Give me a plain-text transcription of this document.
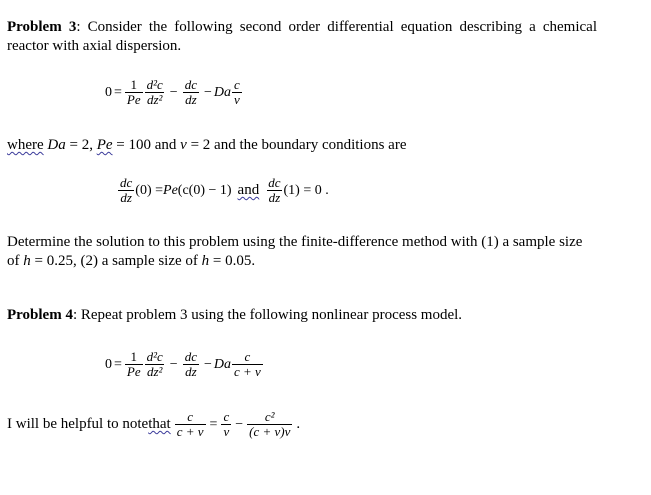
Problem 3: Consider the following second order differential equation describing a chemical reactor with axial dispersion.
$0 = \frac{1}{Pe} \frac{\text{d²c}}{\text{dz²}} - \frac{dc}{dz} - Da \frac{c}{v}$
where Da = 2, Pe = 100 and v = 2 and the boundary conditions are
$\frac{dc}{dz} (0) = Pe$ (c(0) − 1) and $\frac{dc}{dz} (1) = 0$ .
Determine the solution to this problem using the finite-difference method with (1) a sample size of h = 0.25, (2) a sample size of h = 0.05.
Problem 4: Repeat problem 3 using the following nonlinear process model.
$0 = \frac{1}{Pe} \frac{\text{d²c}}{\text{dz²}} - \frac{dc}{dz} - Da \frac{c}{c + v}$
I will be helpful to note that $\frac{c}{c + v} = \frac{c}{v} - \frac{\text{c²}}{(c + v)v}$ .
